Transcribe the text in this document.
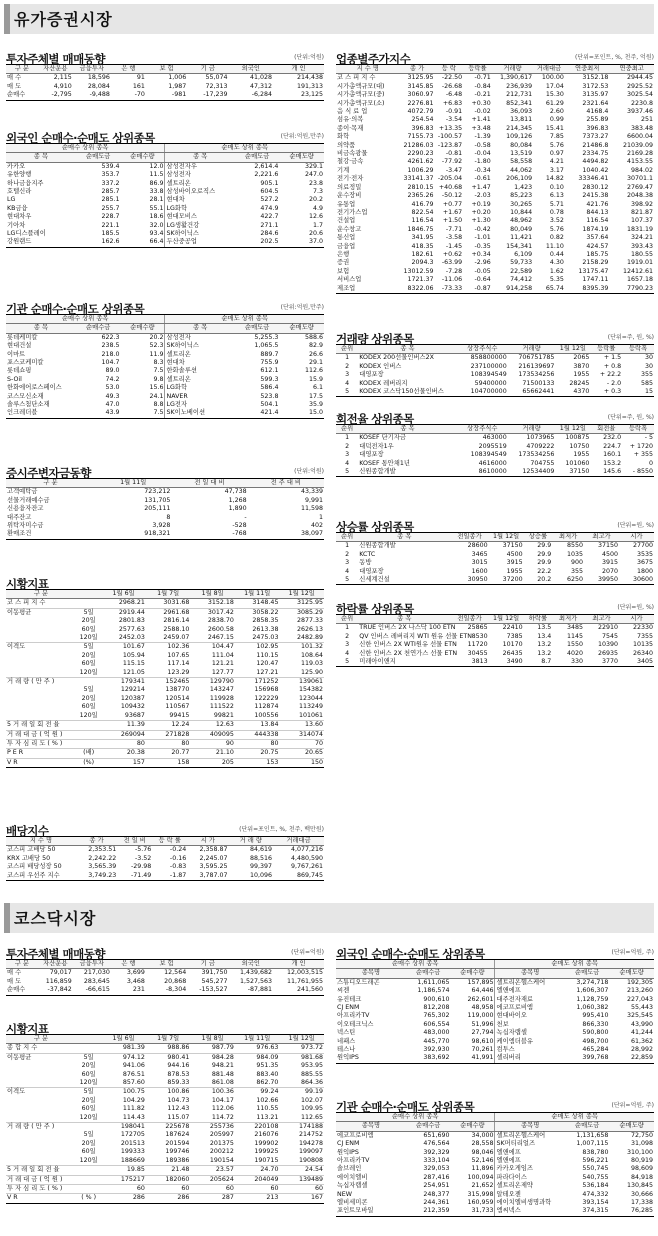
유가증권시장
투자주체별 매매동향	(단위:억원)
구 분	자산운용	금융투자	은 행	보 험	기 금	외국인	개 인
매 수	2,115	18,596	91	1,006	55,074	41,028	214,438
매 도	4,910	28,084	161	1,987	72,313	47,312	191,313
순매수	-2,795	-9,488	-70	-981	-17,239	-6,284	23,125
외국인 순매수·순매도 상위종목	(단위:억원,만주)
순매수 상위 종목			순매도 상위 종목		
종 목	순매도금	순매수량	종 목	순매도금	순매도량
카카오	539.4	12.0	삼성전자우	2,614.4	329.1
유한양행	353.7	11.5	삼성전자	2,221.6	247.0
하나금융지주	337.2	86.9	셀트리온	905.1	23.8
호텔신라	285.7	33.8	삼성바이오로직스	604.5	7.3
LG	285.1	28.1	현대차	527.2	20.2
KB금융	255.7	55.1	LG화학	474.9	4.9
현대차우	228.7	18.6	현대모비스	422.7	12.6
기아차	221.1	32.0	LG생활건강	271.1	1.7
LG디스플레이	185.5	93.4	SK하이닉스	284.6	20.6
강원랜드	162.6	66.4	두산중공업	202.5	37.0
기관 순매수·순매도 상위종목	(단위:억원,만주)
순매수 상위 종목			순매도 상위 종목		
종 목	순매수금	순매수량	종 목	순매도금	순매도량
롯데케미칼	622.3	20.2	삼성전자	5,255.3	588.6
현대건설	238.5	52.3	SK하이닉스	1,065.5	82.9
이마트	218.0	11.9	셀트리온	889.7	26.6
포스코케미칼	104.7	8.3	현대차	755.9	29.1
롯데쇼핑	89.0	7.5	한화솔루션	612.1	112.6
S-Oil	74.2	9.8	셀트리온	599.3	15.9
한화에어로스페이스	53.0	15.6	LG화학	586.4	6.1
코스모신소재	49.3	24.1	NAVER	523.8	17.5
솔루스첨단소재	47.0	8.8	LG전자	504.1	35.9
인크레더블	43.9	7.5	SK이노베이션	421.4	15.0
증시주변자금동향	(단위:억원)
구 분	1월 11일	전 일 대 비	전 주 대 비
고객예탁금	723,212	47,738	43,339
선물거래예수금	131,705	1,268	9,991
신용융자잔고	205,111	1,890	11,598
대주잔고	8	-	1
위탁자미수금	3,928	-528	402
환매조건	918,321	-768	38,097
시황지표
구 분		1월 6일	1월 7일	1월 8일	1월 11일	1월 12일
코 스 피 지 수		2968.21	3031.68	3152.18	3148.45	3125.95
이동평균	5일	2919.44	2961.68	3017.42	3058.22	3085.29
	20일	2801.83	2816.14	2838.70	2858.35	2877.33
	60일	2577.63	2588.10	2600.58	2613.38	2626.13
	120일	2452.03	2459.07	2467.15	2475.03	2482.89
이격도	5일	101.67	102.36	104.47	102.95	101.32
	20일	105.94	107.65	111.04	110.15	108.64
	60일	115.15	117.14	121.21	120.47	119.03
	120일	121.05	123.29	127.77	127.21	125.90
거 래 량 ( 만 주 )		179341	152465	129790	171252	139061
	5일	129214	138770	143247	156968	154382
	20일	120387	120514	119928	122229	123044
	60일	109432	110567	111522	112874	113249
	120일	93687	99415	99821	100556	101061
5 거 래 일 회 전 율		11.39	12.24	12.63	13.84	13.60
거 래 대 금 ( 억 원 )		269094	271828	409095	444338	314074
투 자 심 리 도 ( % )		80	80	90	80	70
P E R	(배)	20.38	20.77	21.10	20.75	20.65
V R	(%)	157	158	205	153	150
배당지수	(단위=포인트, %, 천주, 백만원)
지 수 명	종 가	전 일 비	등 락 률	시 가	거 래 량	거래대금
코스피 고배당 50	2,353.51	-5.76	-0.24	2,358.87	84,619	4,077,216
KRX 고배당 50	2,242.22	-3.52	-0.16	2,245.07	88,516	4,480,590
코스피 배당성장 50	3,565.39	-29.98	-0.83	3,595.25	99,397	9,767,261
코스피 우선주 지수	3,749.23	-71.49	-1.87	3,787.07	10,096	869,745
업종별주가지수	(단위=포인트, %, 천주, 억원)
지 수 명	종 가	등 락	등락률	거래량	거래대금	연중최저	연중최고
코 스 피 지 수	3125.95	-22.50	-0.71	1,390,617	100.00	3152.18	2944.45
시가총액규모(대)	3145.85	-26.68	-0.84	236,939	17.04	3172.53	2925.52
시가총액규모(중)	3060.97	-6.48	-0.21	212,731	15.30	3135.97	3025.54
시가총액규모(소)	2276.81	+6.83	+0.30	852,341	61.29	2321.64	2230.8
음 식 료 업	4072.79	-0.91	-0.02	36,093	2.60	4168.4	3937.46
섬유·의복	254.54	-3.54	+1.41	13,811	0.99	255.89	251
종이·목재	396.83	+13.35	+3.48	214,345	15.41	396.83	383.48
화학	7155.73	-100.57	-1.39	109,126	7.85	7373.27	6600.04
의약품	21286.03	-123.87	-0.58	80,084	5.76	21486.8	21039.09
비금속광물	2290.23	-0.81	-0.04	13,519	0.97	2334.75	2169.28
철강·금속	4261.62	-77.92	-1.80	58,558	4.21	4494.82	4153.55
기계	1006.29	-3.47	-0.34	44,062	3.17	1040.42	984.02
전기·전자	33141.37	-205.04	-0.61	206,109	14.82	33346.41	30701.1
의료정밀	2810.15	+40.68	+1.47	1,423	0.10	2830.12	2769.47
운수장비	2365.26	-50.12	-2.03	85,223	6.13	2415.38	2048.38
유통업	416.79	+0.77	+0.19	30,265	5.71	421.76	398.92
전기가스업	822.54	+1.67	+0.20	10,844	0.78	844.13	821.87
건설업	116.54	+1.50	+1.30	48,962	3.52	116.54	107.37
운수창고	1846.75	-7.71	-0.42	80,049	5.76	1874.19	1831.19
통신업	341.95	-3.58	-1.01	11,421	0.82	357.64	324.21
금융업	418.35	-1.45	-0.35	154,341	11.10	424.57	393.43
은행	182.61	+0.62	+0.34	6,109	0.44	185.75	180.55
증권	2094.3	-63.99	-2.96	59,733	4.30	2158.29	1919.01
보험	13012.59	-7.28	-0.05	22,589	1.62	13175.47	12412.61
서비스업	1721.37	-11.06	-0.64	74,412	5.35	1747.11	1657.18
제조업	8322.06	-73.33	-0.87	914,258	65.74	8395.39	7790.23
거래량 상위종목	(단위=주, 원, %)
순위	종 목	상장주식수	거래량	1월 12일	등락률	등락폭
1	KODEX 200선물인버스2X	858800000	706751785	2065	+ 1.5	30
2	KODEX 인버스	237100000	216139697	3870	+ 0.8	30
3	대영포장	108394549	173534256	1955	+ 22.2	355
4	KODEX 레버리지	59400000	71500133	28245	- 2.0	585
5	KODEX 코스닥150선물인버스	104700000	65662441	4370	+ 0.3	15
회전율 상위종목	(단위=주, 원, %)
순위	종 목	상장주식수	거래량	1월 12일	회전율	등락폭
1	KOSEF 단기자금	463000	1073965	100875	232.0	- 5
2	대덕전자1우	2095519	4709222	10750	224.7	+ 1720
3	대영포장	108394549	173534256	1955	160.1	+ 355
4	KOSEF 통안채1년	4616000	704755	101060	153.2	0
5	신원종합개발	8610000	12534409	37150	145.6	- 8550
상승률 상위종목	(단위=원, %)
순위	종 목	전일종가	1월 12일	상승률	최저가	최고가	시가
1	신원종합개발	28600	37150	29.9	8550	37150	27700
2	KCTC	3465	4500	29.9	1035	4500	3535
3	동방	3015	3915	29.9	900	3915	3675
4	대영포장	1600	1955	22.2	355	2070	1800
5	신세계건설	30950	37200	20.2	6250	39950	30600
하락률 상위종목	(단위=원, %)
순위	종 목	전일종가	1월 12일	하락률	최저가	최고가	시가
1	TRUE 인버스 2X 나스닥 100 ETN	25865	22410	13.5	3485	22910	22330
2	QV 인버스 레버리지 WTI 원유 선물 ETN	8530	7385	13.4	1145	7545	7355
3	신한 인버스 2X WTI원유 선물 ETN	11720	10170	13.2	1550	10390	10135
4	신한 인버스 2X 천연가스 선물 ETN	30455	26435	13.2	4020	26935	26340
5	미래아이앤지	3813	3490	8.7	330	3770	3405
코스닥시장
투자주체별 매매동향	(단위=억원)
구 분	자산운용	금융투자	은 행	보 험	기 금	외국인	개 인
매 수	79,017	217,030	3,699	12,564	391,750	1,439,682	12,003,515
매 도	116,859	283,645	3,468	20,868	545,277	1,527,563	11,761,955
순매수	-37,842	-66,615	231	-8,304	-153,527	-87,881	241,560
시황지표
구 분		1월 6일	1월 7일	1월 8일	1월 11일	1월 12일
종 합 지 수		981.39	988.86	987.79	976.63	973.72
이동평균	5일	974.12	980.41	984.28	984.09	981.68
	20일	941.06	944.16	948.21	951.35	953.95
	60일	876.51	878.53	881.48	883.40	885.55
	120일	857.60	859.33	861.08	862.70	864.36
이격도	5일	100.75	100.86	100.36	99.24	99.19
	20일	104.29	104.73	104.17	102.66	102.07
	60일	111.82	112.43	112.06	110.55	109.95
	120일	114.43	115.07	114.72	113.21	112.65
거 래 량 ( 만 주 )		198041	225678	255736	220108	174188
	5일	172705	187624	205997	216076	214752
	20일	201513	201594	201375	199902	194278
	60일	199333	199746	200212	199925	199097
	120일	188669	189386	190154	190715	190808
5 거 래 일 회 전 율		19.85	21.48	23.57	24.70	24.54
거 래 대 금 ( 억 원 )		175217	182060	205624	204049	139489
투 자 심 리 도 ( % )		60	60	60	60	60
V R	( % )	286	286	287	213	167
외국인 순매수·순매도 상위종목	(단위=억원, 주)
순매수 상위 종목			순매도 상위 종목		
종목명	순매수금	순매수량	종목명	순매도금	순매도량
스튜디오드래곤	1,611,065	157,895	셀트리온헬스케어	3,274,718	192,305
씨젠	1,186,574	64,446	엘앤에프	1,606,307	213,260
유진테크	900,610	262,601	대주전자재료	1,128,759	227,043
CJ ENM	812,208	48,958	에코프로비엠	1,060,382	55,443
아프리카TV	765,302	119,000	현대바이오	995,410	325,545
이오테크닉스	606,554	51,996	천보	866,330	43,990
넥스틴	483,000	27,794	녹십자랩셀	590,800	41,244
네패스	445,770	98,610	케이엠더블유	498,700	61,362
테스나	392,930	70,261	컴투스	465,284	28,992
원익IPS	383,692	41,991	셀리버리	399,768	22,859
기관 순매수·순매도 상위종목	(단위=억원, 주)
순매수 상위 종목			순매도 상위 종목		
종목명	순매수금	순매수량	종목명	순매도금	순매도량
에코프로비엠	651,690	34,000	셀트리온헬스케어	1,131,658	72,750
CJ ENM	476,564	28,558	SK머티리얼즈	1,007,115	31,098
원익IPS	392,329	98,046	엘앤에프	838,780	310,100
아프리카TV	333,104	52,146	엘앤에프	596,221	80,919
솔브레인	329,053	11,896	카카오게임즈	550,745	98,609
에이치엘비	287,416	100,094	파라다이스	540,755	84,918
녹십자랩셀	254,951	21,652	셀트리온제약	536,184	130,845
NEW	248,377	315,998	알테오젠	474,332	30,666
엘비세미콘	244,361	160,959	에이치엘비생명과학	393,154	17,338
포인트모바일	212,359	31,733	엠씨넥스	374,315	76,285
